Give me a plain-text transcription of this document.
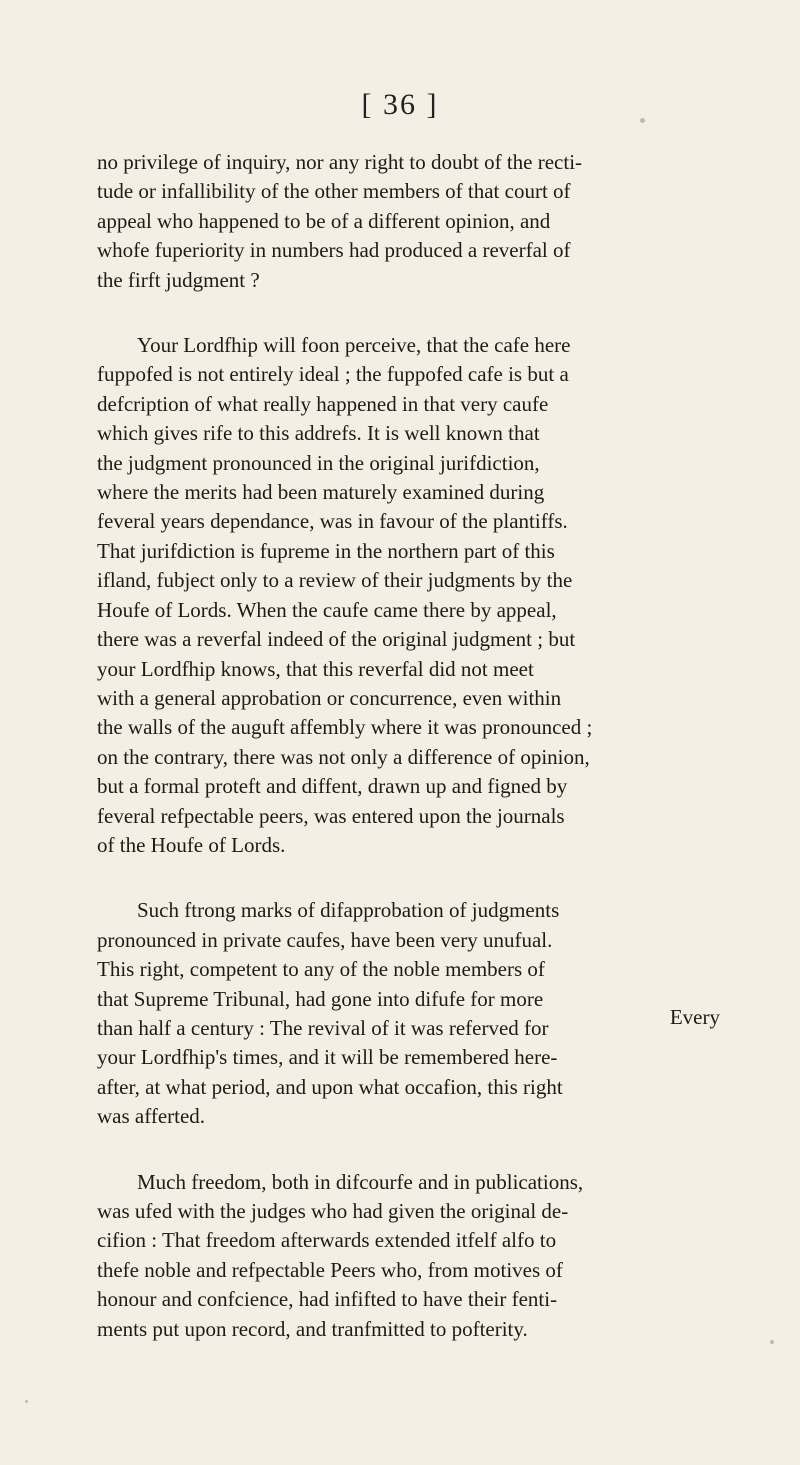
[ 36 ]

no privilege of inquiry, nor any right to doubt of the recti-
tude or infallibility of the other members of that court of
appeal who happened to be of a different opinion, and
whofe fuperiority in numbers had produced a reverfal of
the firft judgment ?

Your Lordfhip will foon perceive, that the cafe here
fuppofed is not entirely ideal ; the fuppofed cafe is but a
defcription of what really happened in that very caufe
which gives rife to this addrefs. It is well known that
the judgment pronounced in the original jurifdiction,
where the merits had been maturely examined during
feveral years dependance, was in favour of the plantiffs.
That jurifdiction is fupreme in the northern part of this
ifland, fubject only to a review of their judgments by the
Houfe of Lords. When the caufe came there by appeal,
there was a reverfal indeed of the original judgment ; but
your Lordfhip knows, that this reverfal did not meet
with a general approbation or concurrence, even within
the walls of the auguft affembly where it was pronounced ;
on the contrary, there was not only a difference of opinion,
but a formal proteft and diffent, drawn up and figned by
feveral refpectable peers, was entered upon the journals
of the Houfe of Lords.

Such ftrong marks of difapprobation of judgments
pronounced in private caufes, have been very unufual.
This right, competent to any of the noble members of
that Supreme Tribunal, had gone into difufe for more
than half a century : The revival of it was referved for
your Lordfhip's times, and it will be remembered here-
after, at what period, and upon what occafion, this right
was afferted.

Much freedom, both in difcourfe and in publications,
was ufed with the judges who had given the original de-
cifion : That freedom afterwards extended itfelf alfo to
thefe noble and refpectable Peers who, from motives of
honour and confcience, had infifted to have their fenti-
ments put upon record, and tranfmitted to pofterity.

Every
